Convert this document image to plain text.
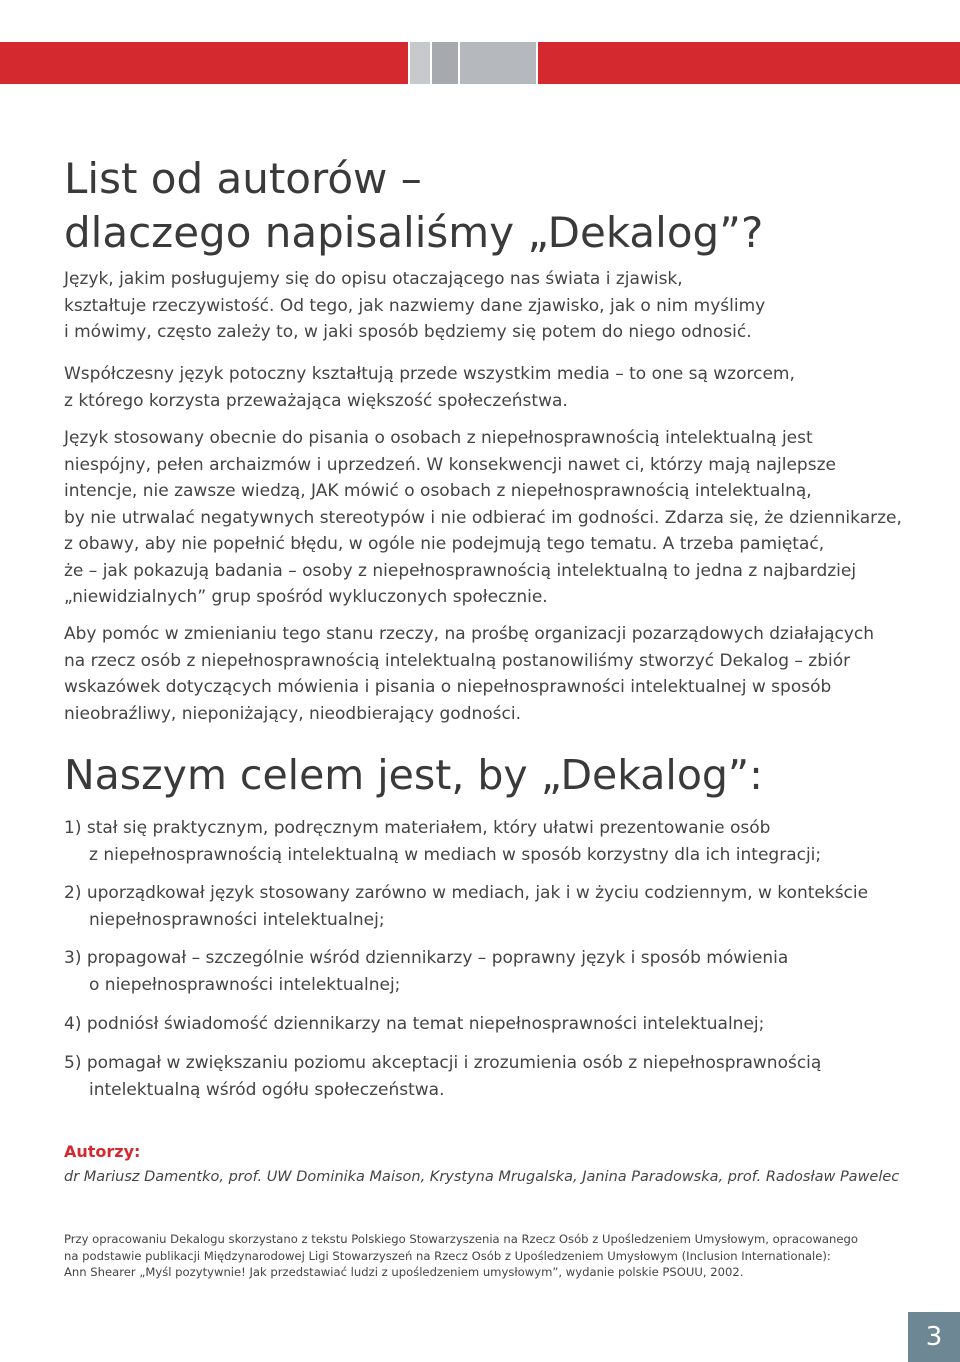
List od autorów –
dlaczego napisaliśmy „Dekalog”?
Język, jakim posługujemy się do opisu otaczającego nas świata i zjawisk,
kształtuje rzeczywistość. Od tego, jak nazwiemy dane zjawisko, jak o nim myślimy
i mówimy, często zależy to, w jaki sposób będziemy się potem do niego odnosić.
Współczesny język potoczny kształtują przede wszystkim media – to one są wzorcem,
z którego korzysta przeważająca większość społeczeństwa.
Język stosowany obecnie do pisania o osobach z niepełnosprawnością intelektualną jest
niespójny, pełen archaizmów i uprzedzeń. W konsekwencji nawet ci, którzy mają najlepsze
intencje, nie zawsze wiedzą, JAK mówić o osobach z niepełnosprawnością intelektualną,
by nie utrwalać negatywnych stereotypów i nie odbierać im godności. Zdarza się, że dziennikarze,
z obawy, aby nie popełnić błędu, w ogóle nie podejmują tego tematu. A trzeba pamiętać,
że – jak pokazują badania – osoby z niepełnosprawnością intelektualną to jedna z najbardziej
„niewidzialnych” grup spośród wykluczonych społecznie.
Aby pomóc w zmienianiu tego stanu rzeczy, na prośbę organizacji pozarządowych działających
na rzecz osób z niepełnosprawnością intelektualną postanowiliśmy stworzyć Dekalog – zbiór
wskazówek dotyczących mówienia i pisania o niepełnosprawności intelektualnej w sposób
nieobraźliwy, nieponiżający, nieodbierający godności.
Naszym celem jest, by „Dekalog”:
1) stał się praktycznym, podręcznym materiałem, który ułatwi prezentowanie osób
z niepełnosprawnością intelektualną w mediach w sposób korzystny dla ich integracji;
2) uporządkował język stosowany zarówno w mediach, jak i w życiu codziennym, w kontekście
niepełnosprawności intelektualnej;
3) propagował – szczególnie wśród dziennikarzy – poprawny język i sposób mówienia
o niepełnosprawności intelektualnej;
4) podniósł świadomość dziennikarzy na temat niepełnosprawności intelektualnej;
5) pomagał w zwiększaniu poziomu akceptacji i zrozumienia osób z niepełnosprawnością
intelektualną wśród ogółu społeczeństwa.

Autorzy:

dr Mariusz Damentko, prof. UW Dominika Maison, Krystyna Mrugalska, Janina Paradowska, prof. Radosław Pawelec

Przy opracowaniu Dekalogu skorzystano z tekstu Polskiego Stowarzyszenia na Rzecz Osób z Upośledzeniem Umysłowym, opracowanego
na podstawie publikacji Międzynarodowej Ligi Stowarzyszeń na Rzecz Osób z Upośledzeniem Umysłowym (Inclusion Internationale):
Ann Shearer „Myśl pozytywnie! Jak przedstawiać ludzi z upośledzeniem umysłowym”, wydanie polskie PSOUU, 2002.
3
